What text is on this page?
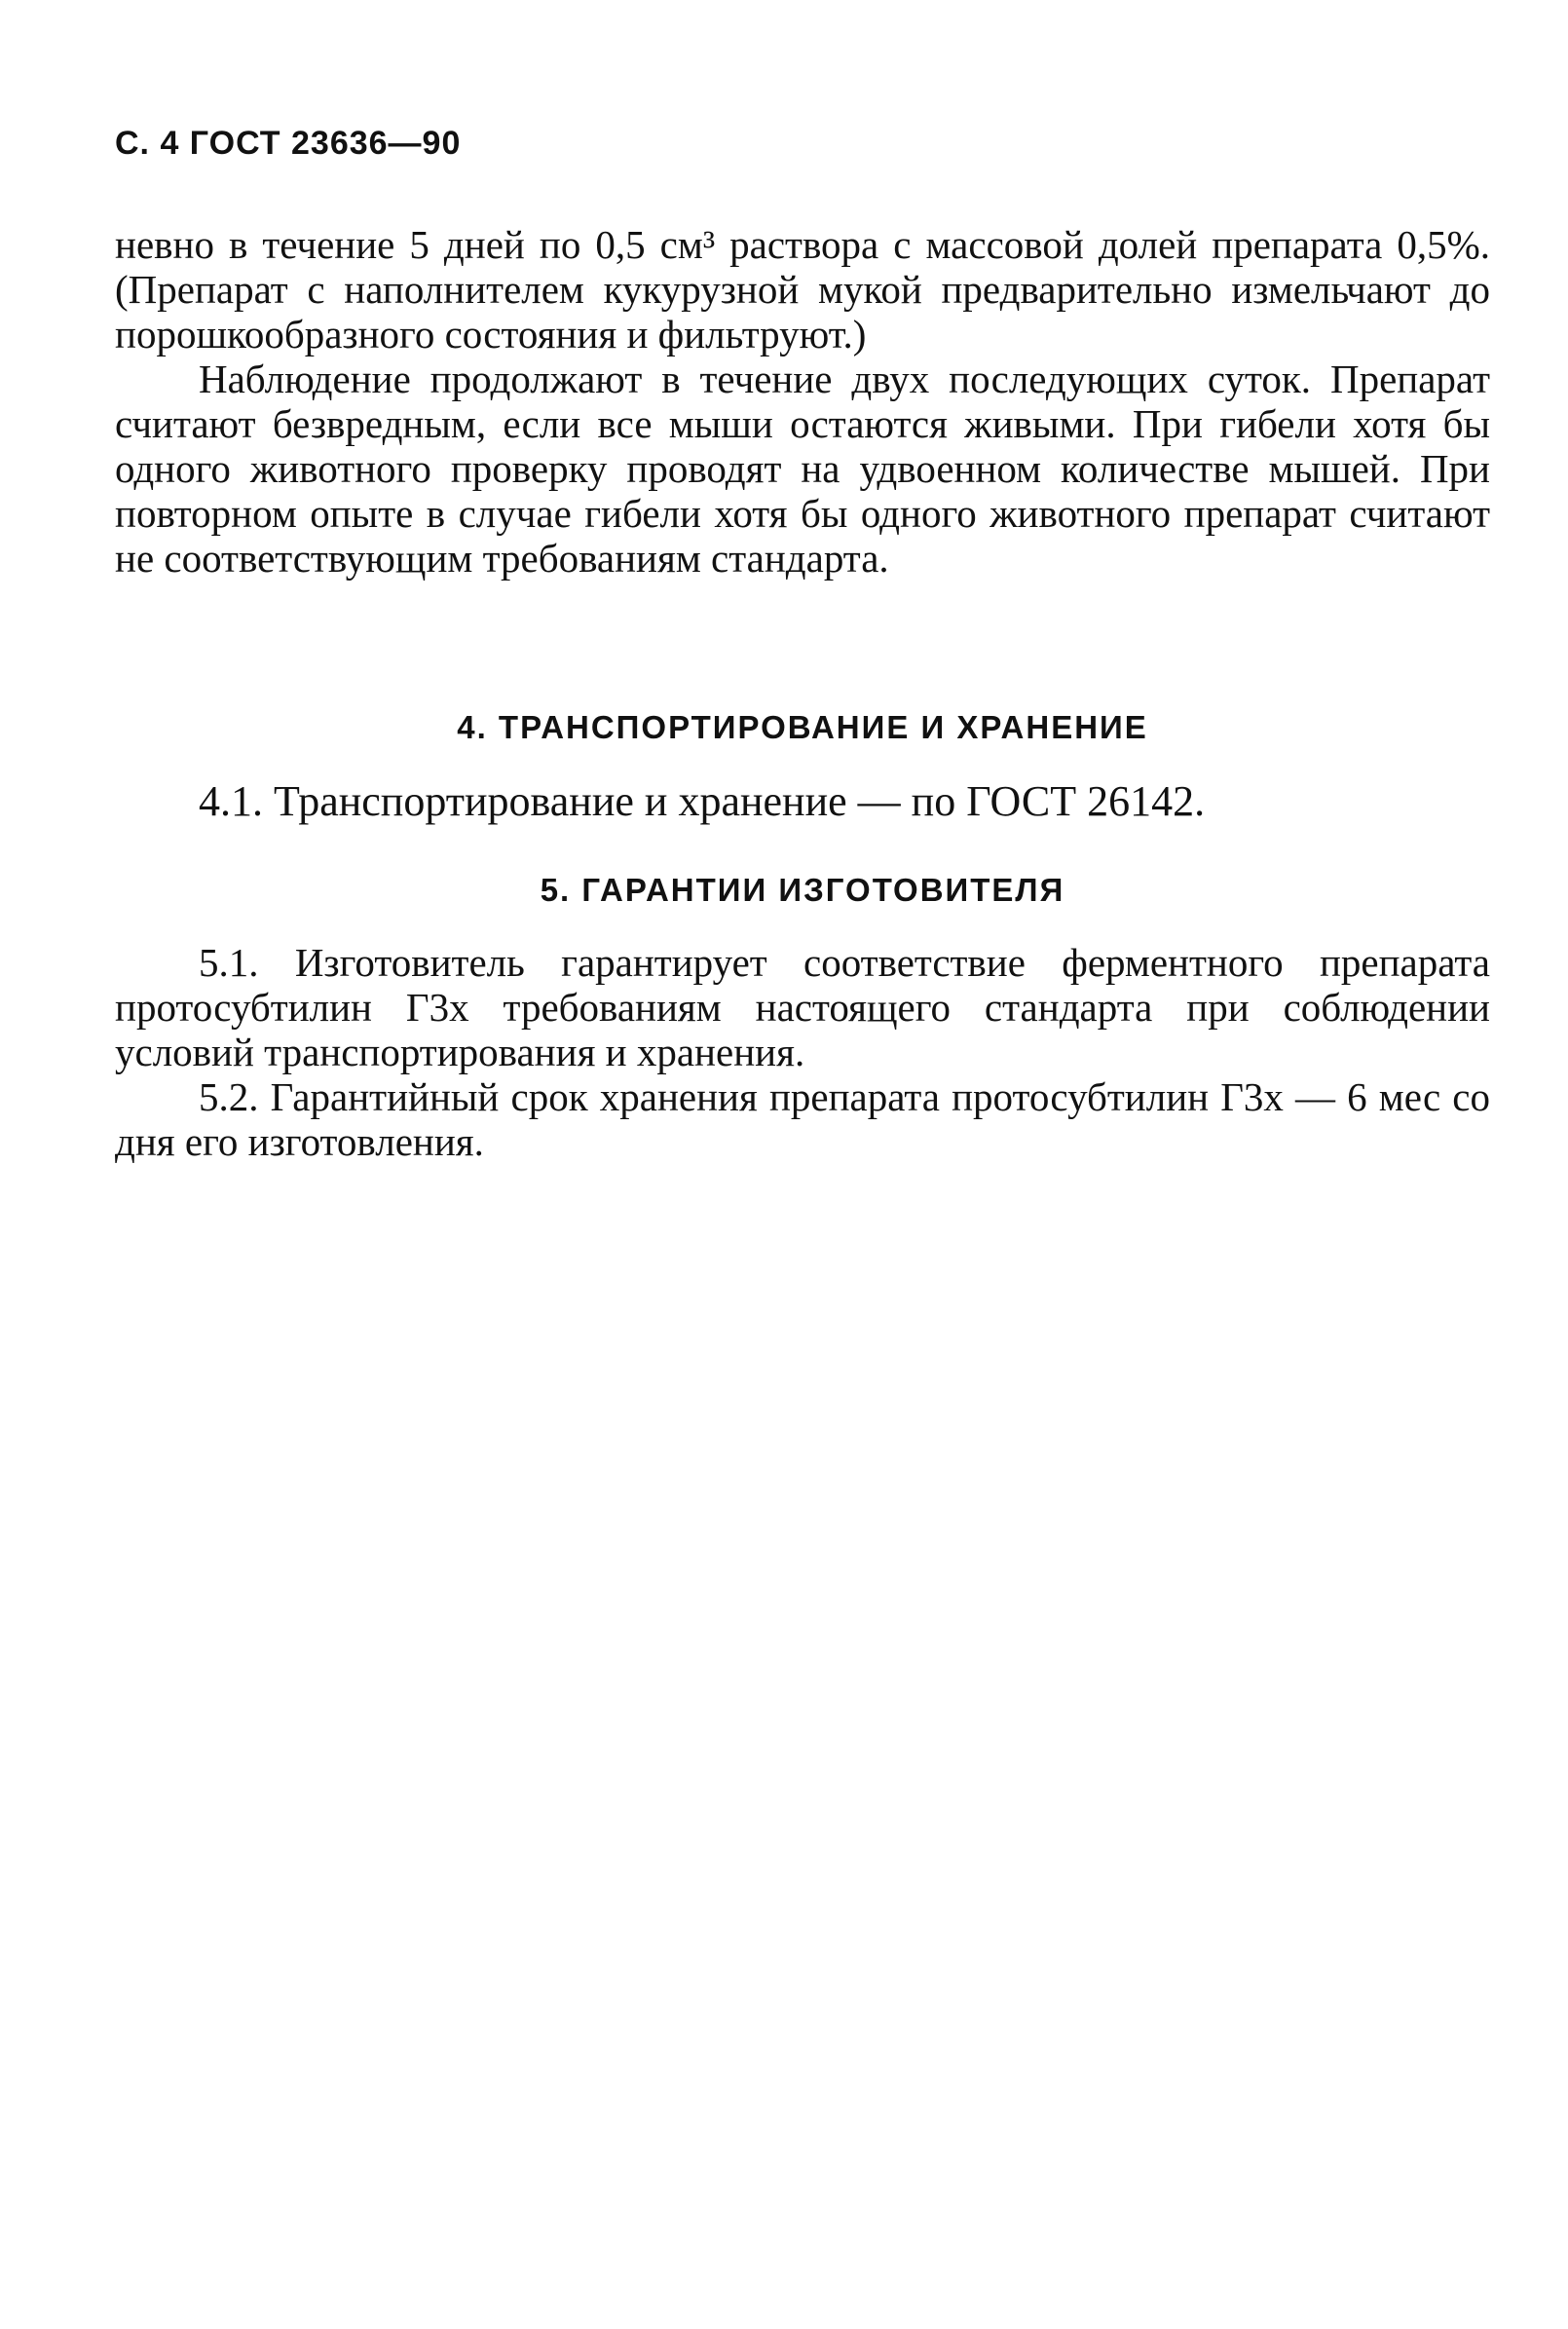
С. 4 ГОСТ 23636—90

невно в течение 5 дней по 0,5 см³ раствора с массовой долей препарата 0,5%. (Препарат с наполнителем кукурузной мукой предварительно измельчают до порошкообразного состояния и фильтруют.)

Наблюдение продолжают в течение двух последующих суток. Препарат считают безвредным, если все мыши остаются живыми. При гибели хотя бы одного животного проверку проводят на удвоенном количестве мышей. При повторном опыте в случае гибели хотя бы одного животного препарат считают не соответствующим требованиям стандарта.

4. ТРАНСПОРТИРОВАНИЕ И ХРАНЕНИЕ

4.1. Транспортирование и хранение — по ГОСТ 26142.

5. ГАРАНТИИ ИЗГОТОВИТЕЛЯ

5.1. Изготовитель гарантирует соответствие ферментного препарата протосубтилин Г3х требованиям настоящего стандарта при соблюдении условий транспортирования и хранения.

5.2. Гарантийный срок хранения препарата протосубтилин Г3х — 6 мес со дня его изготовления.
